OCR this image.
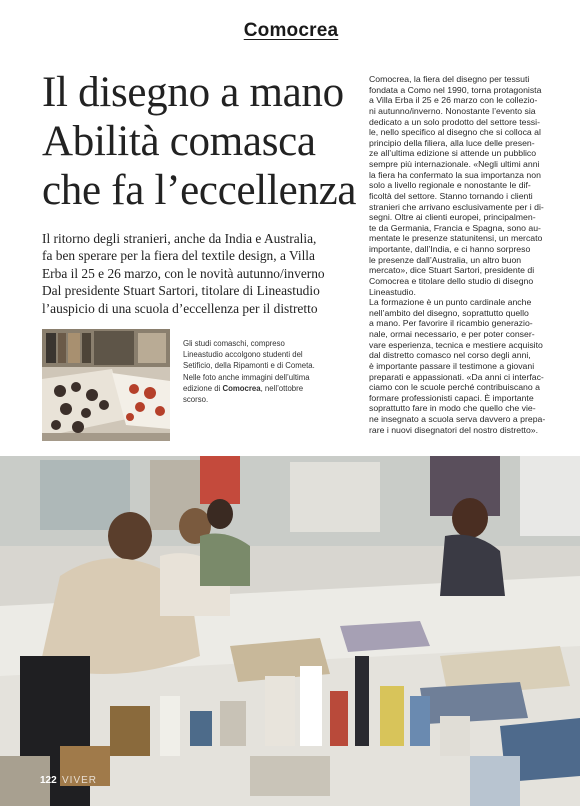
Comocrea
Il disegno a mano
Abilità comasca
che fa l’eccellenza
Il ritorno degli stranieri, anche da India e Australia,
fa ben sperare per la fiera del textile design, a Villa
Erba il 25 e 26 marzo, con le novità autunno/inverno
Dal presidente Stuart Sartori, titolare di Lineastudio
l’auspicio di una scuola d’eccellenza per il distretto
Gli studi comaschi, compreso
Lineastudio accolgono studenti del
Setificio, della Ripamonti e di Cometa.
Nelle foto anche immagini dell’ultima
edizione di Comocrea, nell’ottobre
scorso.
Comocrea, la fiera del disegno per tessuti
fondata a Como nel 1990, torna protagonista
a Villa Erba il 25 e 26 marzo con le collezio-
ni autunno/inverno. Nonostante l’evento sia
dedicato a un solo prodotto del settore tessi-
le, nello specifico al disegno che si colloca al
principio della filiera, alla luce delle presen-
ze all’ultima edizione si attende un pubblico
sempre più internazionale. «Negli ultimi anni
la fiera ha confermato la sua importanza non
solo a livello regionale e nonostante le dif-
ficoltà del settore. Stanno tornando i clienti
stranieri che arrivano esclusivamente per i di-
segni. Oltre ai clienti europei, principalmen-
te da Germania, Francia e Spagna, sono au-
mentate le presenze statunitensi, un mercato
importante, dall’India, e ci hanno sorpreso
le presenze dall’Australia, un altro buon
mercato», dice Stuart Sartori, presidente di
Comocrea e titolare dello studio di disegno
Lineastudio.
La formazione è un punto cardinale anche
nell’ambito del disegno, soprattutto quello
a mano. Per favorire il ricambio generazio-
nale, ormai necessario, e per poter conser-
vare esperienza, tecnica e mestiere acquisito
dal distretto comasco nel corso degli anni,
è importante passare il testimone a giovani
preparati e appassionati. «Da anni ci interfac-
ciamo con le scuole perché contribuiscano a
formare professionisti capaci. È importante
soprattutto fare in modo che quello che vie-
ne insegnato a scuola serva davvero a prepa-
rare i nuovi disegnatori del nostro distretto».
122 VIVER
